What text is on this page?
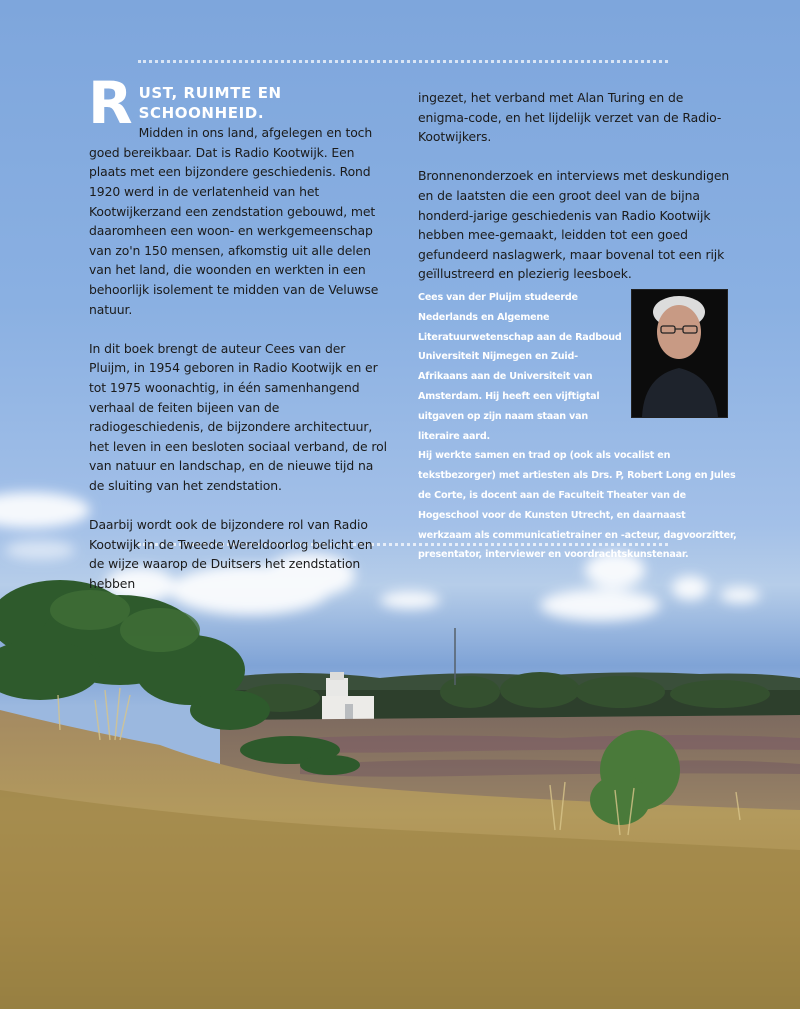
R UST, RUIMTE EN SCHOONHEID.

Midden in ons land, afgelegen en toch goed bereikbaar. Dat is Radio Kootwijk. Een plaats met een bijzondere geschiedenis. Rond 1920 werd in de verlatenheid van het Kootwijkerzand een zendstation gebouwd, met daaromheen een woon- en werkgemeenschap van zo'n 150 mensen, afkomstig uit alle delen van het land, die woonden en werkten in een behoorlijk isolement te midden van de Veluwse natuur.

In dit boek brengt de auteur Cees van der Pluijm, in 1954 geboren in Radio Kootwijk en er tot 1975 woonachtig, in één samenhangend verhaal de feiten bijeen van de radiogeschiedenis, de bijzondere architectuur, het leven in een besloten sociaal verband, de rol van natuur en landschap, en de nieuwe tijd na de sluiting van het zendstation.

Daarbij wordt ook de bijzondere rol van Radio Kootwijk in de Tweede Wereldoorlog belicht en de wijze waarop de Duitsers het zendstation hebben

ingezet, het verband met Alan Turing en de enigma-code, en het lijdelijk verzet van de Radio-Kootwijkers.

Bronnenonderzoek en interviews met deskundigen en de laatsten die een groot deel van de bijna honderd-jarige geschiedenis van Radio Kootwijk hebben mee-gemaakt, leidden tot een goed gefundeerd naslagwerk, maar bovenal tot een rijk geïllustreerd en plezierig leesboek.

Cees van der Pluijm studeerde Nederlands en Algemene Literatuurwetenschap aan de Radboud Universiteit Nijmegen en Zuid-Afrikaans aan de Universiteit van Amsterdam. Hij heeft een vijftigtal uitgaven op zijn naam staan van literaire aard.
Hij werkte samen en trad op (ook als vocalist en tekstbezorger) met artiesten als Drs. P, Robert Long en Jules de Corte, is docent aan de Faculteit Theater van de Hogeschool voor de Kunsten Utrecht, en daarnaast werkzaam als communicatietrainer en -acteur, dagvoorzitter, presentator, interviewer en voordrachtskunstenaar.
